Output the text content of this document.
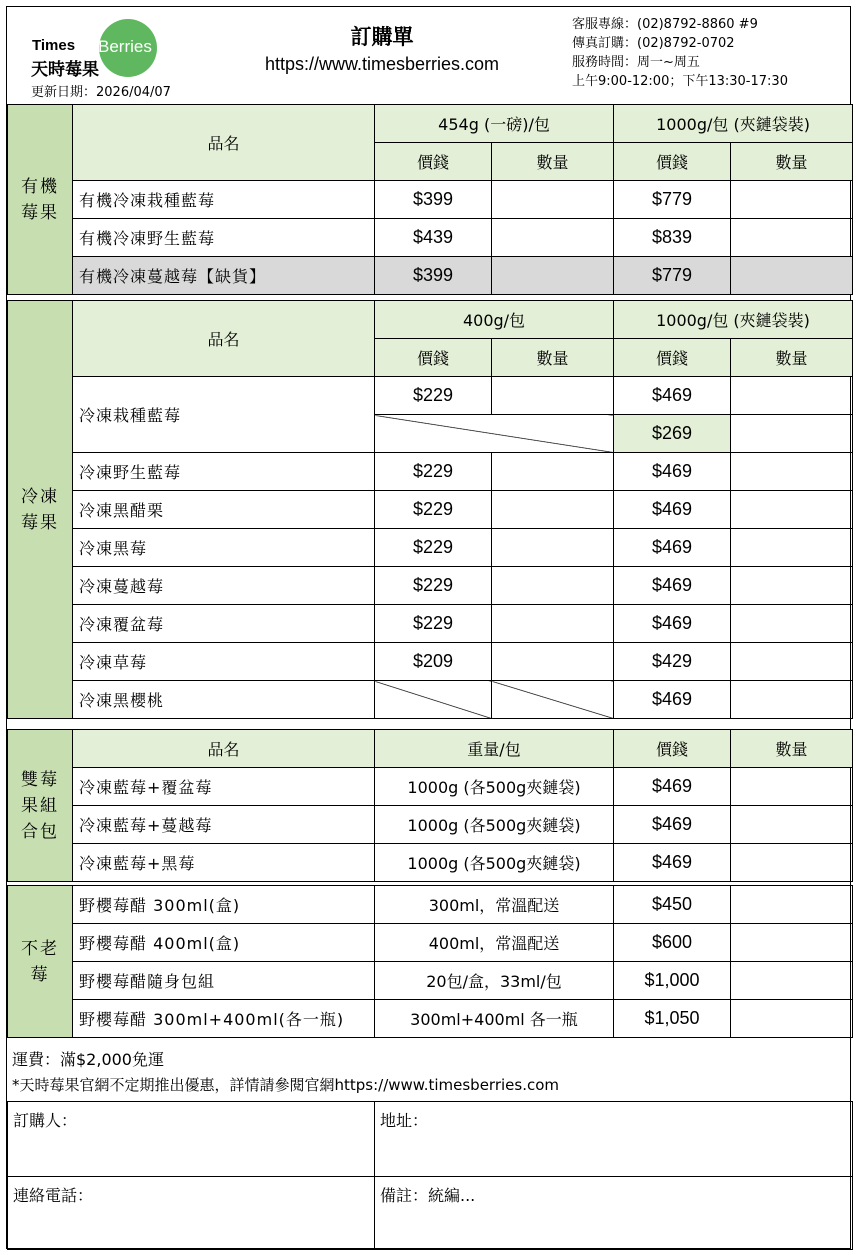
Times Berries
天時莓果
更新日期：2026/04/07
訂購單
https://www.timesberries.com
客服專線：(02)8792-8860 #9
傳真訂購：(02)8792-0702
服務時間：周一~周五
上午9:00-12:00；下午13:30-17:30
有機莓果	品名	454g (一磅)/包		1000g/包 (夾鏈袋裝)	
		價錢	數量	價錢	數量
	有機冷凍栽種藍莓	$399		$779	
	有機冷凍野生藍莓	$439		$839	
	有機冷凍蔓越莓【缺貨】	$399		$779	
冷凍莓果	品名	400g/包		1000g/包 (夾鏈袋裝)	
		價錢	數量	價錢	數量
	冷凍栽種藍莓	$229		$469	
				$269	
	冷凍野生藍莓	$229		$469	
	冷凍黑醋栗	$229		$469	
	冷凍黑莓	$229		$469	
	冷凍蔓越莓	$229		$469	
	冷凍覆盆莓	$229		$469	
	冷凍草莓	$209		$429	
	冷凍黑櫻桃			$469	
雙莓果組合包	品名	重量/包	價錢	數量
	冷凍藍莓+覆盆莓	1000g (各500g夾鏈袋)	$469	
	冷凍藍莓+蔓越莓	1000g (各500g夾鏈袋)	$469	
	冷凍藍莓+黑莓	1000g (各500g夾鏈袋)	$469	
不老莓	野櫻莓醋 300ml(盒)	300ml，常溫配送	$450	
	野櫻莓醋 400ml(盒)	400ml，常溫配送	$600	
	野櫻莓醋隨身包組	20包/盒，33ml/包	$1,000	
	野櫻莓醋 300ml+400ml(各一瓶)	300ml+400ml 各一瓶	$1,050	
運費：滿$2,000免運
*天時莓果官網不定期推出優惠，詳情請參閱官網https://www.timesberries.com
訂購人：	地址：
連絡電話：	備註：統編...
